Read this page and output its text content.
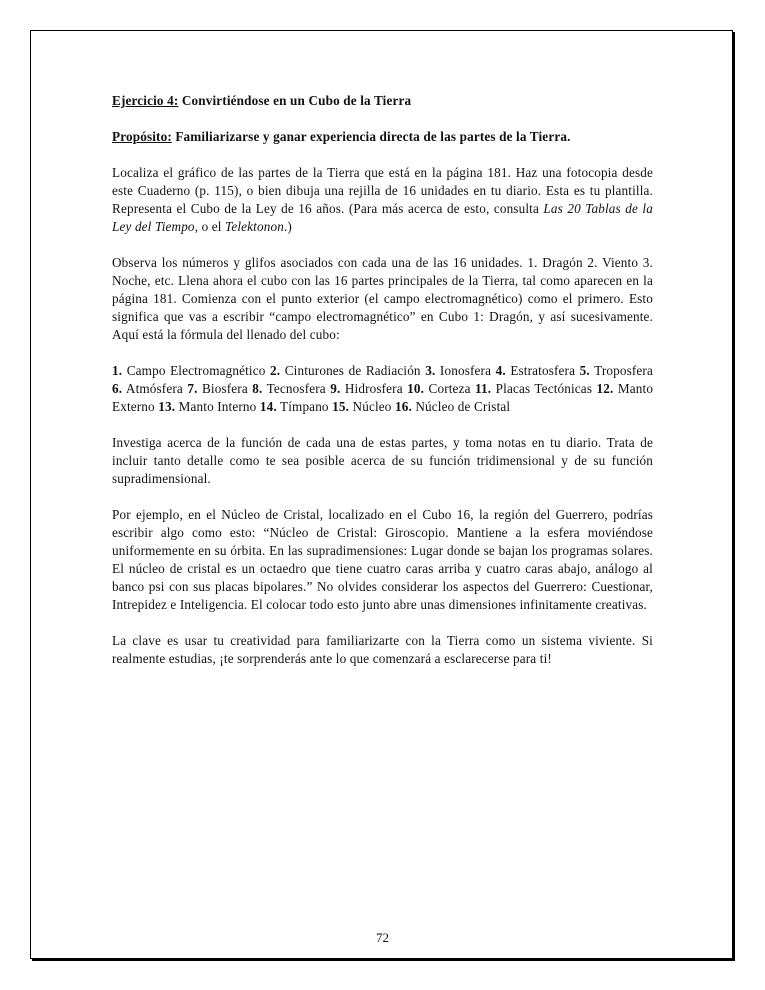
Ejercicio 4: Convirtiéndose en un Cubo de la Tierra

Propósito: Familiarizarse y ganar experiencia directa de las partes de la Tierra.

Localiza el gráfico de las partes de la Tierra que está en la página 181. Haz una fotocopia desde este Cuaderno (p. 115), o bien dibuja una rejilla de 16 unidades en tu diario. Esta es tu plantilla. Representa el Cubo de la Ley de 16 años. (Para más acerca de esto, consulta Las 20 Tablas de la Ley del Tiempo, o el Telektonon.)

Observa los números y glifos asociados con cada una de las 16 unidades. 1. Dragón 2. Viento 3. Noche, etc. Llena ahora el cubo con las 16 partes principales de la Tierra, tal como aparecen en la página 181. Comienza con el punto exterior (el campo electromagnético) como el primero. Esto significa que vas a escribir “campo electromagnético” en Cubo 1: Dragón, y así sucesivamente. Aquí está la fórmula del llenado del cubo:

1. Campo Electromagnético 2. Cinturones de Radiación 3. Ionosfera 4. Estratosfera 5. Troposfera 6. Atmósfera 7. Biosfera 8. Tecnosfera 9. Hidrosfera 10. Corteza 11. Placas Tectónicas 12. Manto Externo 13. Manto Interno 14. Tímpano 15. Núcleo 16. Núcleo de Cristal

Investiga acerca de la función de cada una de estas partes, y toma notas en tu diario. Trata de incluir tanto detalle como te sea posible acerca de su función tridimensional y de su función supradimensional.

Por ejemplo, en el Núcleo de Cristal, localizado en el Cubo 16, la región del Guerrero, podrías escribir algo como esto: “Núcleo de Cristal: Giroscopio. Mantiene a la esfera moviéndose uniformemente en su órbita. En las supradimensiones: Lugar donde se bajan los programas solares. El núcleo de cristal es un octaedro que tiene cuatro caras arriba y cuatro caras abajo, análogo al banco psi con sus placas bipolares.” No olvides considerar los aspectos del Guerrero: Cuestionar, Intrepidez e Inteligencia. El colocar todo esto junto abre unas dimensiones infinitamente creativas.

La clave es usar tu creatividad para familiarizarte con la Tierra como un sistema viviente. Si realmente estudias, ¡te sorprenderás ante lo que comenzará a esclarecerse para ti!

72
